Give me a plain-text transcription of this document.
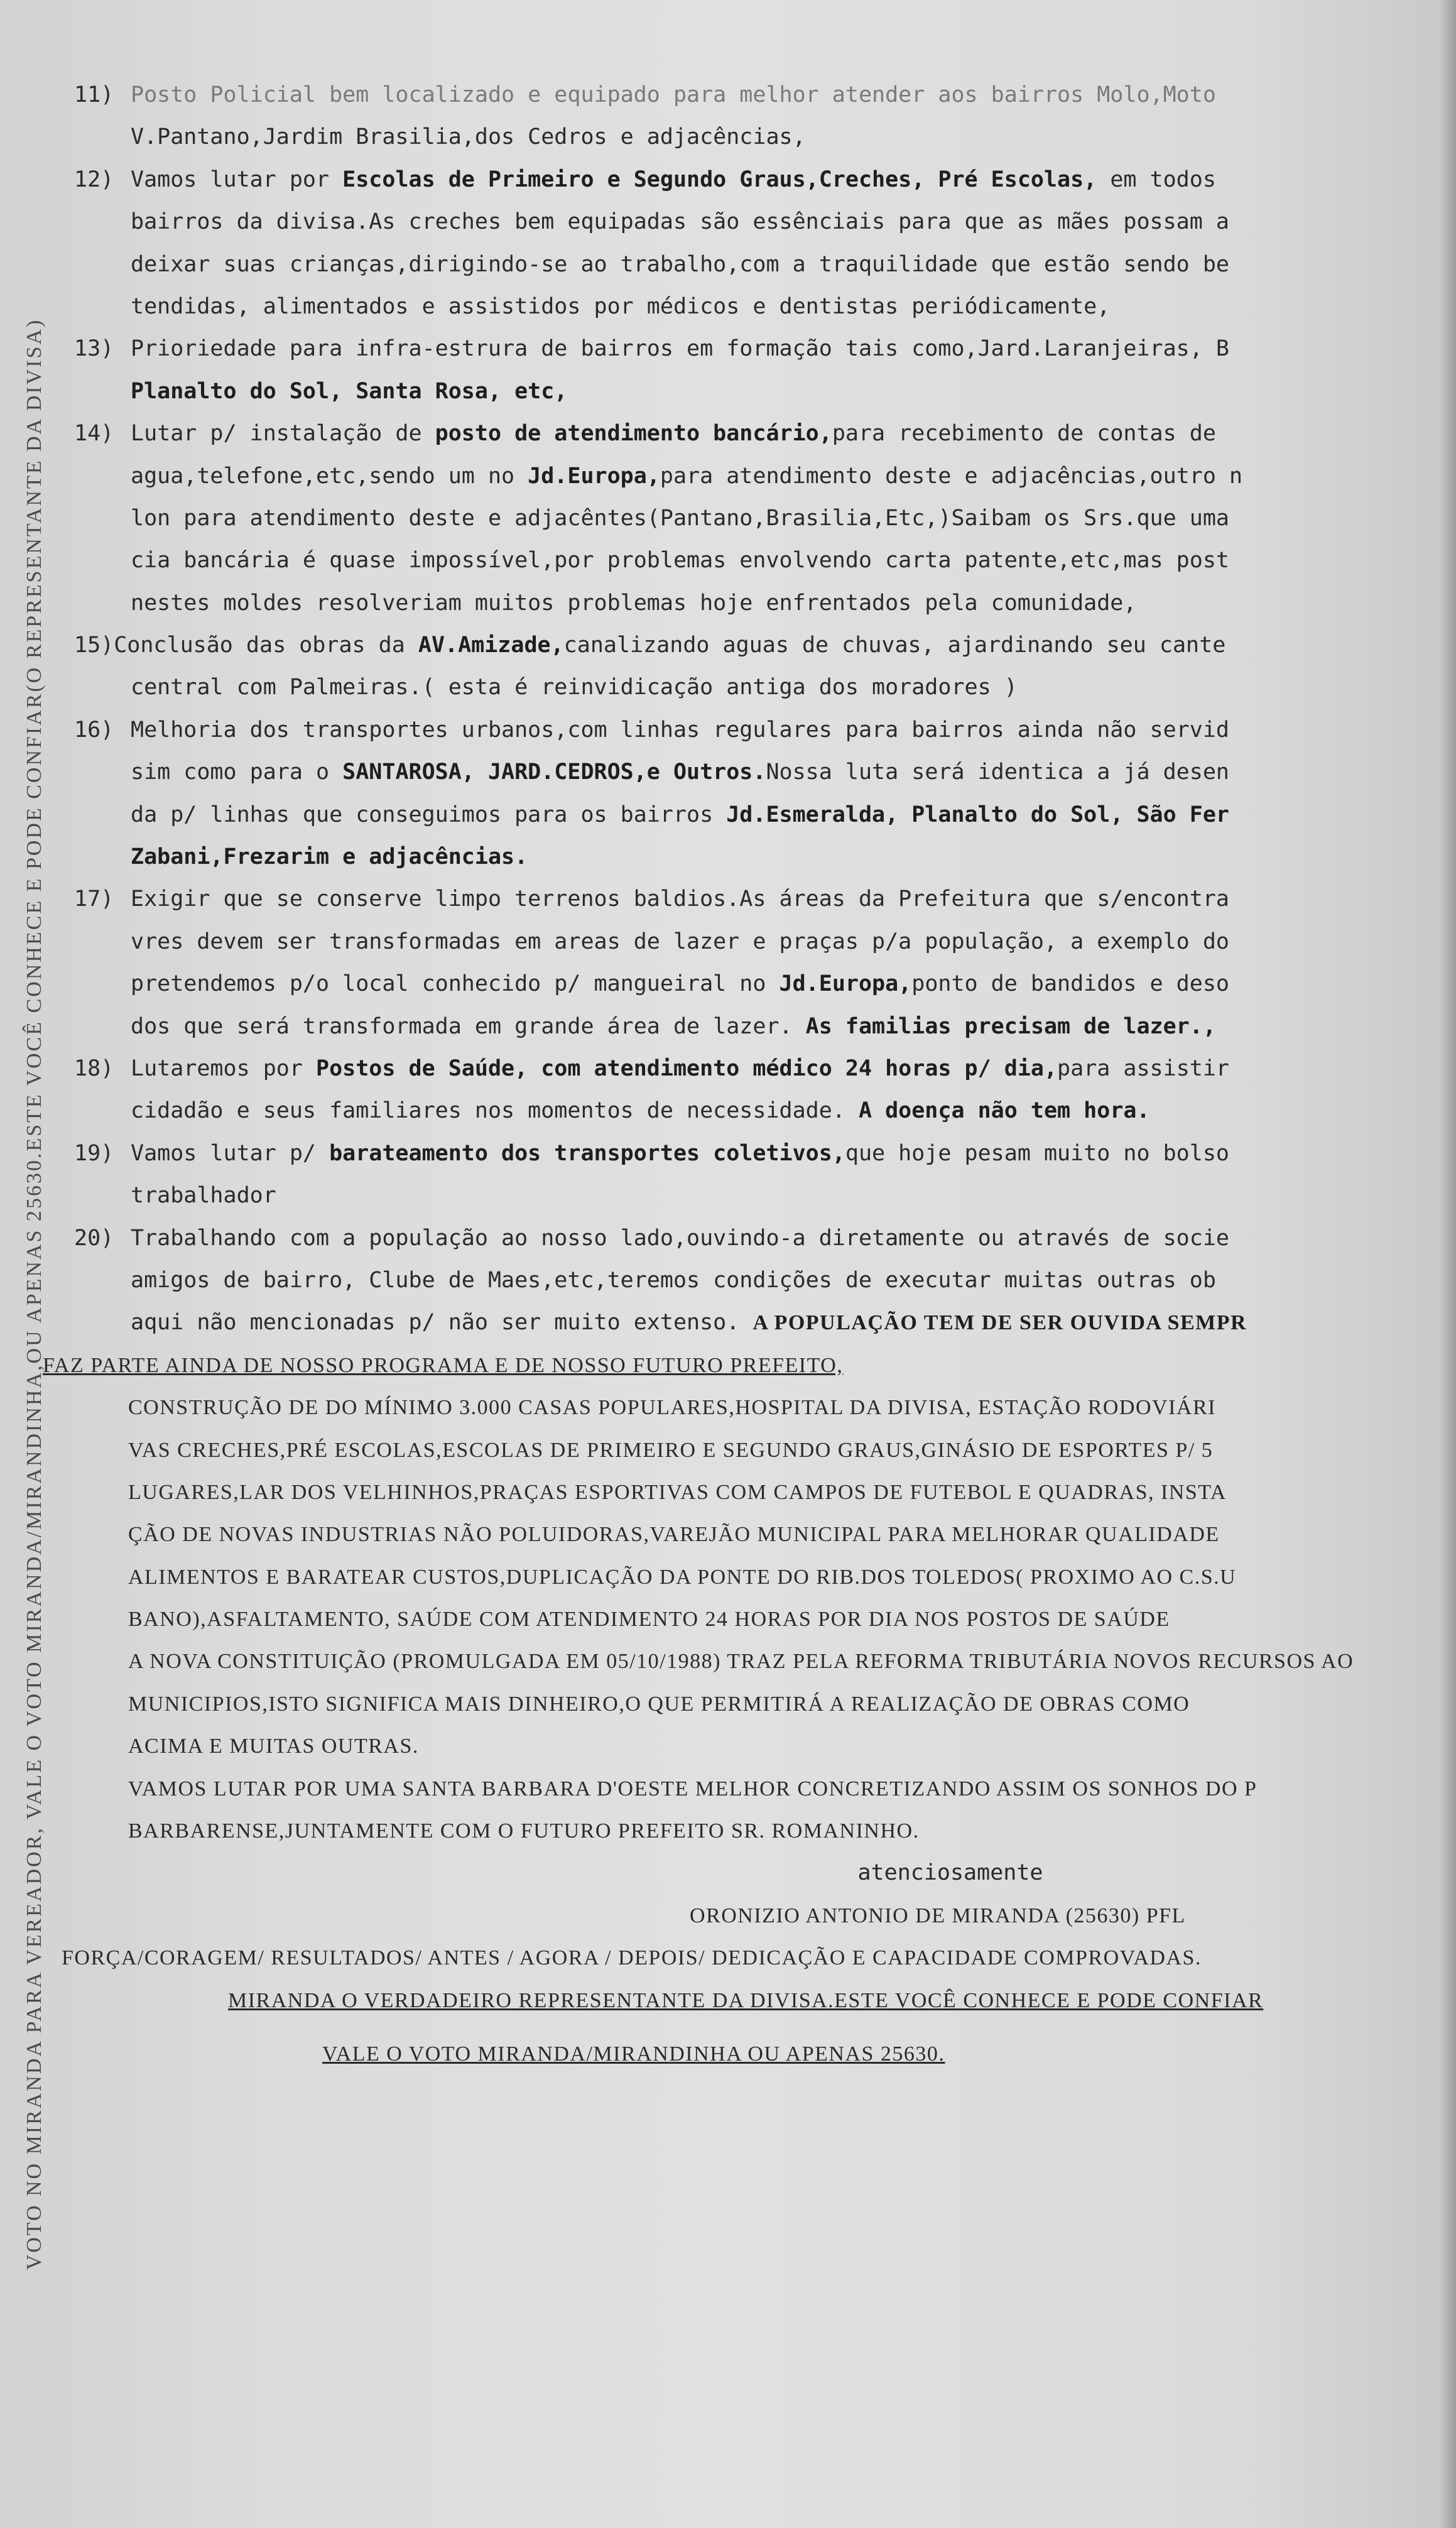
VOTO NO MIRANDA PARA VEREADOR, VALE O VOTO MIRANDA/MIRANDINHA,OU APENAS 25630.ESTE VOCÊ CONHECE E PODE CONFIAR(O REPRESENTANTE DA DIVISA)
Posto Policial bem localizado e equipado para melhor atender aos bairros Molo,Moto
V.Pantano,Jardim Brasilia,dos Cedros e adjacências,
11)
Vamos lutar por Escolas de Primeiro e Segundo Graus,Creches, Pré Escolas, em todos
bairros da divisa.As creches bem equipadas são essênciais para que as mães possam a
deixar suas crianças,dirigindo-se ao trabalho,com a traquilidade que estão sendo be
tendidas, alimentados e assistidos por médicos e dentistas periódicamente,
12)
Prioriedade para infra-estrura de bairros em formação tais como,Jard.Laranjeiras, B
Planalto do Sol, Santa Rosa, etc,
13)
Lutar p/ instalação de posto de atendimento bancário,para recebimento de contas de
agua,telefone,etc,sendo um no Jd.Europa,para atendimento deste e adjacências,outro n
lon para atendimento deste e adjacêntes(Pantano,Brasilia,Etc,)Saibam os Srs.que uma
cia bancária é quase impossível,por problemas envolvendo carta patente,etc,mas post
nestes moldes resolveriam muitos problemas hoje enfrentados pela comunidade,
14)
15)Conclusão das obras da AV.Amizade,canalizando aguas de chuvas, ajardinando seu cante
central com Palmeiras.( esta é reinvidicação antiga dos moradores )
Melhoria dos transportes urbanos,com linhas regulares para bairros ainda não servid
sim como para o SANTAROSA, JARD.CEDROS,e Outros.Nossa luta será identica a já desen
da p/ linhas que conseguimos para os bairros Jd.Esmeralda, Planalto do Sol, São Fer
Zabani,Frezarim e adjacências.
16)
Exigir que se conserve limpo terrenos baldios.As áreas da Prefeitura que s/encontra
vres devem ser transformadas em areas de lazer e praças p/a população, a exemplo do
pretendemos p/o local conhecido p/ mangueiral no Jd.Europa,ponto de bandidos e deso
dos que será transformada em grande área de lazer. As familias precisam de lazer.,
17)
Lutaremos por Postos de Saúde, com atendimento médico 24 horas p/ dia,para assistir
cidadão e seus familiares nos momentos de necessidade. A doença não tem hora.
18)
Vamos lutar p/ barateamento dos transportes coletivos,que hoje pesam muito no bolso
trabalhador
19)
Trabalhando com a população ao nosso lado,ouvindo-a diretamente ou através de socie
amigos de bairro, Clube de Maes,etc,teremos condições de executar muitas outras ob
aqui não mencionadas p/ não ser muito extenso. A POPULAÇÃO TEM DE SER OUVIDA SEMPR
20)
FAZ PARTE AINDA DE NOSSO PROGRAMA E DE NOSSO FUTURO PREFEITO,
CONSTRUÇÃO DE DO MÍNIMO 3.000 CASAS POPULARES,HOSPITAL DA DIVISA, ESTAÇÃO RODOVIÁRI
VAS CRECHES,PRÉ ESCOLAS,ESCOLAS DE PRIMEIRO E SEGUNDO GRAUS,GINÁSIO DE ESPORTES P/ 5
LUGARES,LAR DOS VELHINHOS,PRAÇAS ESPORTIVAS COM CAMPOS DE FUTEBOL E QUADRAS, INSTA
ÇÃO DE NOVAS INDUSTRIAS NÃO POLUIDORAS,VAREJÃO MUNICIPAL PARA MELHORAR QUALIDADE
ALIMENTOS E BARATEAR CUSTOS,DUPLICAÇÃO DA PONTE DO RIB.DOS TOLEDOS( PROXIMO AO C.S.U
BANO),ASFALTAMENTO, SAÚDE COM ATENDIMENTO 24 HORAS POR DIA NOS POSTOS DE SAÚDE
A NOVA CONSTITUIÇÃO (PROMULGADA EM 05/10/1988) TRAZ PELA REFORMA TRIBUTÁRIA NOVOS RECURSOS AO
MUNICIPIOS,ISTO SIGNIFICA MAIS DINHEIRO,O QUE PERMITIRÁ A REALIZAÇÃO DE OBRAS COMO
ACIMA E MUITAS OUTRAS.
VAMOS LUTAR POR UMA SANTA BARBARA D'OESTE MELHOR CONCRETIZANDO ASSIM OS SONHOS DO P
BARBARENSE,JUNTAMENTE COM O FUTURO PREFEITO SR. ROMANINHO.
atenciosamente
ORONIZIO ANTONIO DE MIRANDA (25630) PFL
FORÇA/CORAGEM/ RESULTADOS/ ANTES / AGORA / DEPOIS/ DEDICAÇÃO E CAPACIDADE COMPROVADAS.
MIRANDA O VERDADEIRO REPRESENTANTE DA DIVISA.ESTE VOCÊ CONHECE E PODE CONFIAR
VALE O VOTO MIRANDA/MIRANDINHA OU APENAS 25630.
